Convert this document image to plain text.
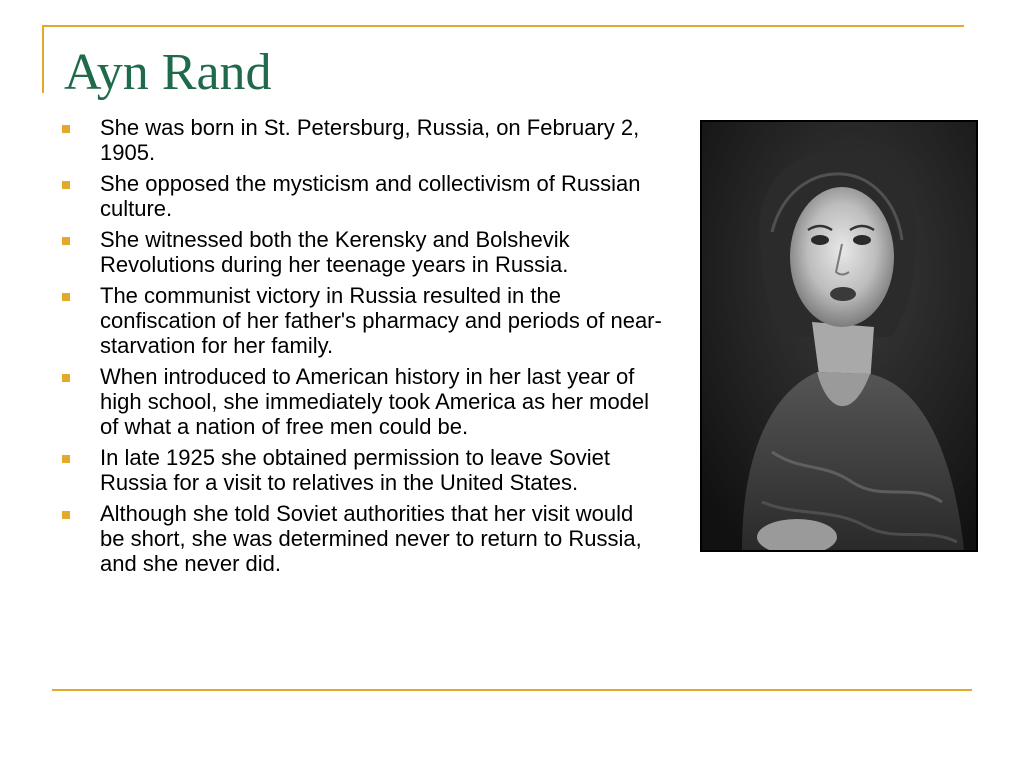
Ayn Rand
She was born in St. Petersburg, Russia, on February 2, 1905.
She opposed the mysticism and collectivism of Russian culture.
She witnessed both the Kerensky and Bolshevik Revolutions during her teenage years in Russia.
The communist victory in Russia resulted in the confiscation of her father's pharmacy and periods of near-starvation for her family.
When introduced to American history in her last year of high school, she immediately took America as her model of what a nation of free men could be.
In late 1925 she obtained permission to leave Soviet Russia for a visit to relatives in the United States.
Although she told Soviet authorities that her visit would be short, she was determined never to return to Russia, and she never did.
